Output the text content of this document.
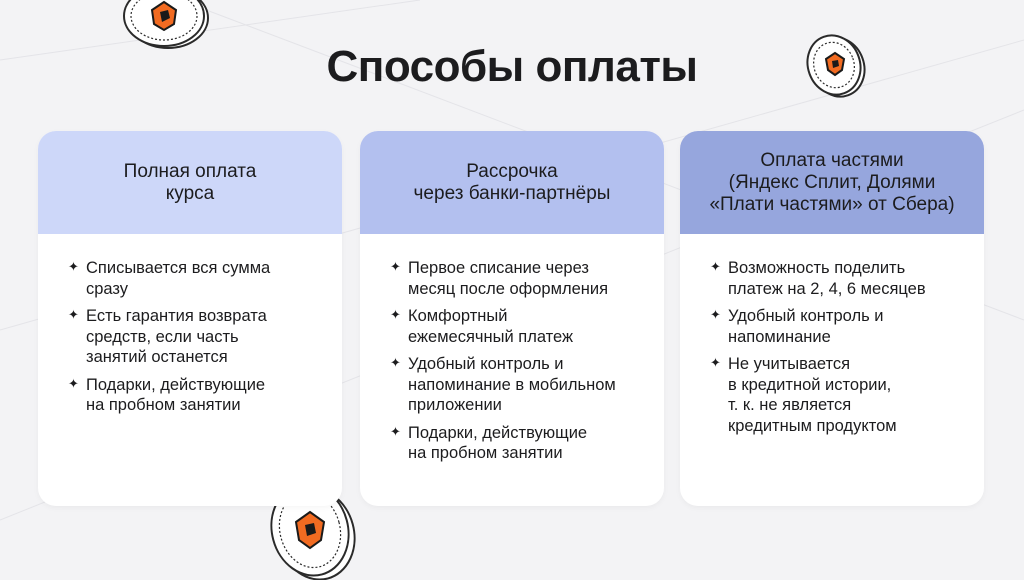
Способы оплаты

Полная оплата
курса

✦ Списывается вся сумма
сразу
✦ Есть гарантия возврата
средств, если часть
занятий останется
✦ Подарки, действующие
на пробном занятии

Рассрочка
через банки-партнёры

✦ Первое списание через
месяц после оформления
✦ Комфортный
ежемесячный платеж
✦ Удобный контроль и
напоминание в мобильном
приложении
✦ Подарки, действующие
на пробном занятии

Оплата частями
(Яндекс Сплит, Долями
«Плати частями» от Сбера)

✦ Возможность поделить
платеж на 2, 4, 6 месяцев
✦ Удобный контроль и
напоминание
✦ Не учитывается
в кредитной истории,
т. к. не является
кредитным продуктом
